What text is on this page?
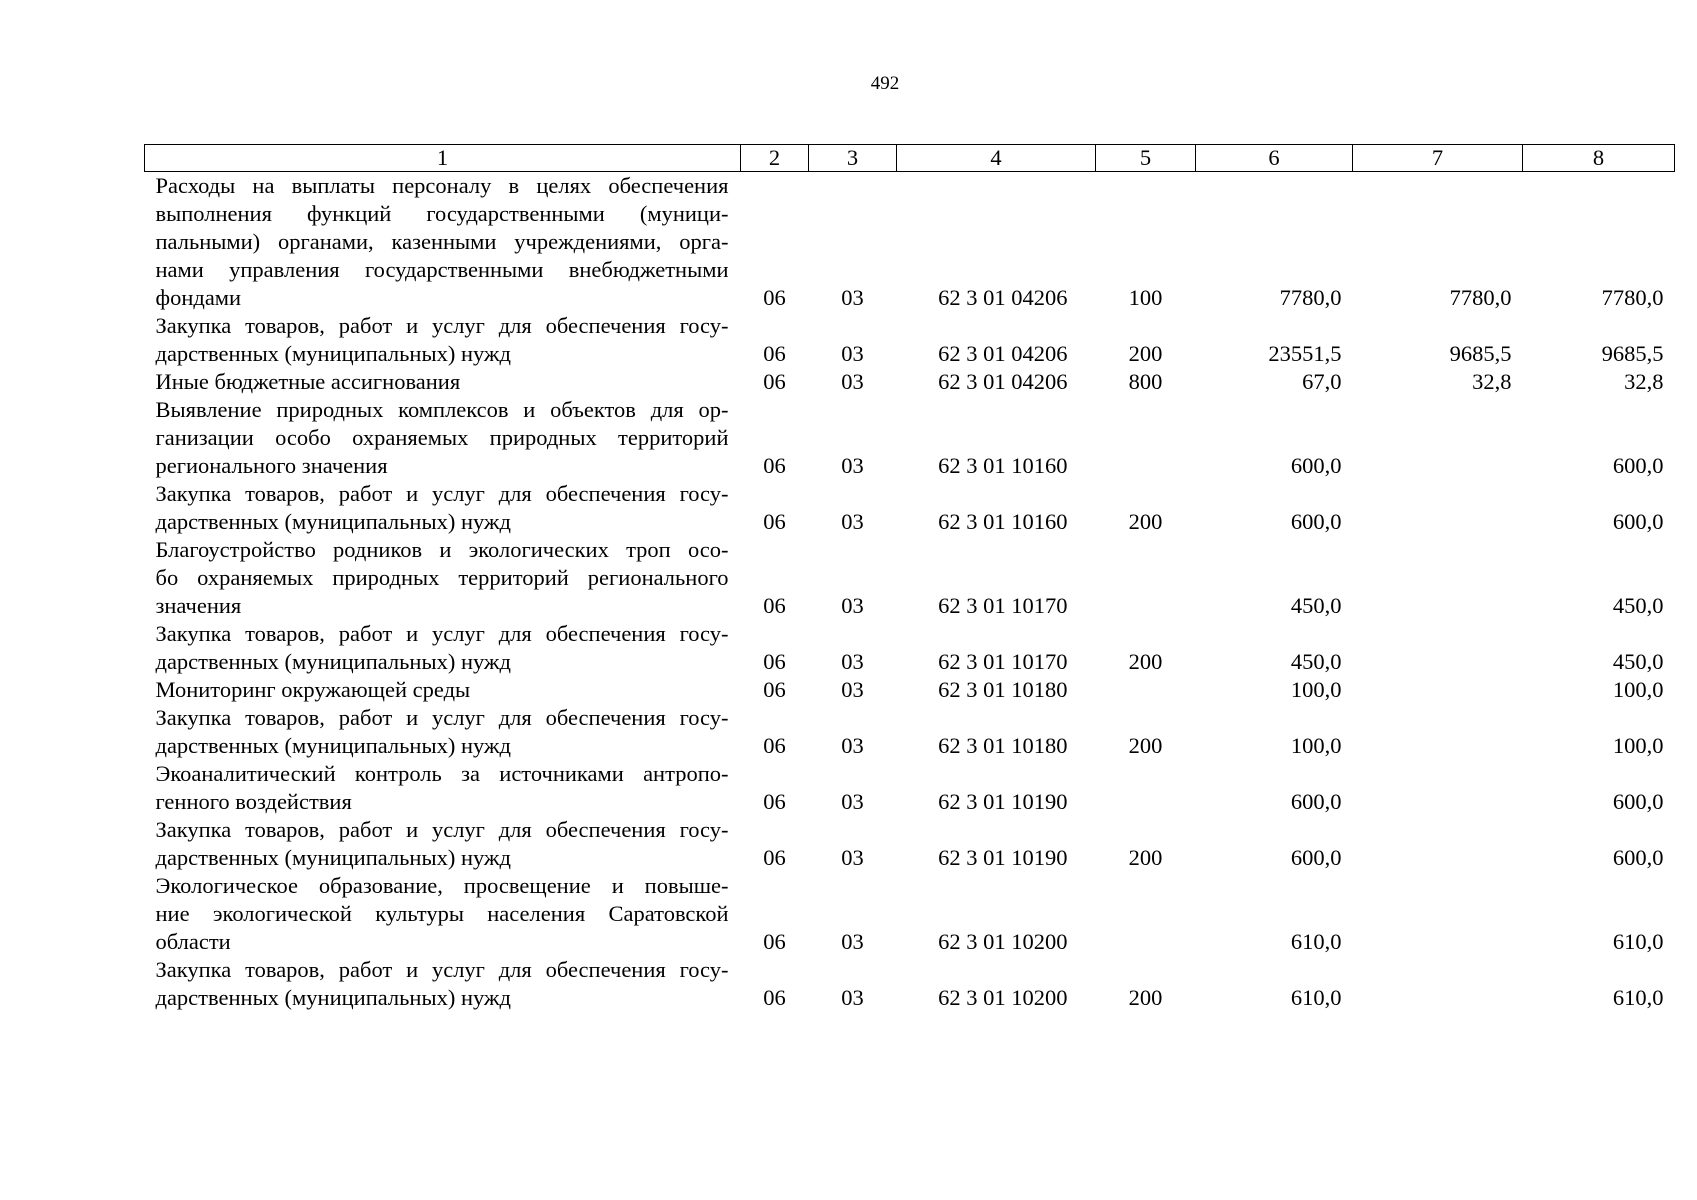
492
1	2	3	4	5	6	7	8

Расходы на выплаты персоналу в целях обеспечения
выполнения функций государственными (муници-
пальными) органами, казенными учреждениями, орга-
нами управления государственными внебюджетными
фондами	06	03	62 3 01 04206	100	7780,0	7780,0	7780,0

Закупка товаров, работ и услуг для обеспечения госу-
дарственных (муниципальных) нужд	06	03	62 3 01 04206	200	23551,5	9685,5	9685,5

Иные бюджетные ассигнования	06	03	62 3 01 04206	800	67,0	32,8	32,8

Выявление природных комплексов и объектов для ор-
ганизации особо охраняемых природных территорий
регионального значения	06	03	62 3 01 10160		600,0		600,0

Закупка товаров, работ и услуг для обеспечения госу-
дарственных (муниципальных) нужд	06	03	62 3 01 10160	200	600,0		600,0

Благоустройство родников и экологических троп осо-
бо охраняемых природных территорий регионального
значения	06	03	62 3 01 10170		450,0		450,0

Закупка товаров, работ и услуг для обеспечения госу-
дарственных (муниципальных) нужд	06	03	62 3 01 10170	200	450,0		450,0

Мониторинг окружающей среды	06	03	62 3 01 10180		100,0		100,0

Закупка товаров, работ и услуг для обеспечения госу-
дарственных (муниципальных) нужд	06	03	62 3 01 10180	200	100,0		100,0

Экоаналитический контроль за источниками антропо-
генного воздействия	06	03	62 3 01 10190		600,0		600,0

Закупка товаров, работ и услуг для обеспечения госу-
дарственных (муниципальных) нужд	06	03	62 3 01 10190	200	600,0		600,0

Экологическое образование, просвещение и повыше-
ние экологической культуры населения Саратовской
области	06	03	62 3 01 10200		610,0		610,0

Закупка товаров, работ и услуг для обеспечения госу-
дарственных (муниципальных) нужд	06	03	62 3 01 10200	200	610,0		610,0
